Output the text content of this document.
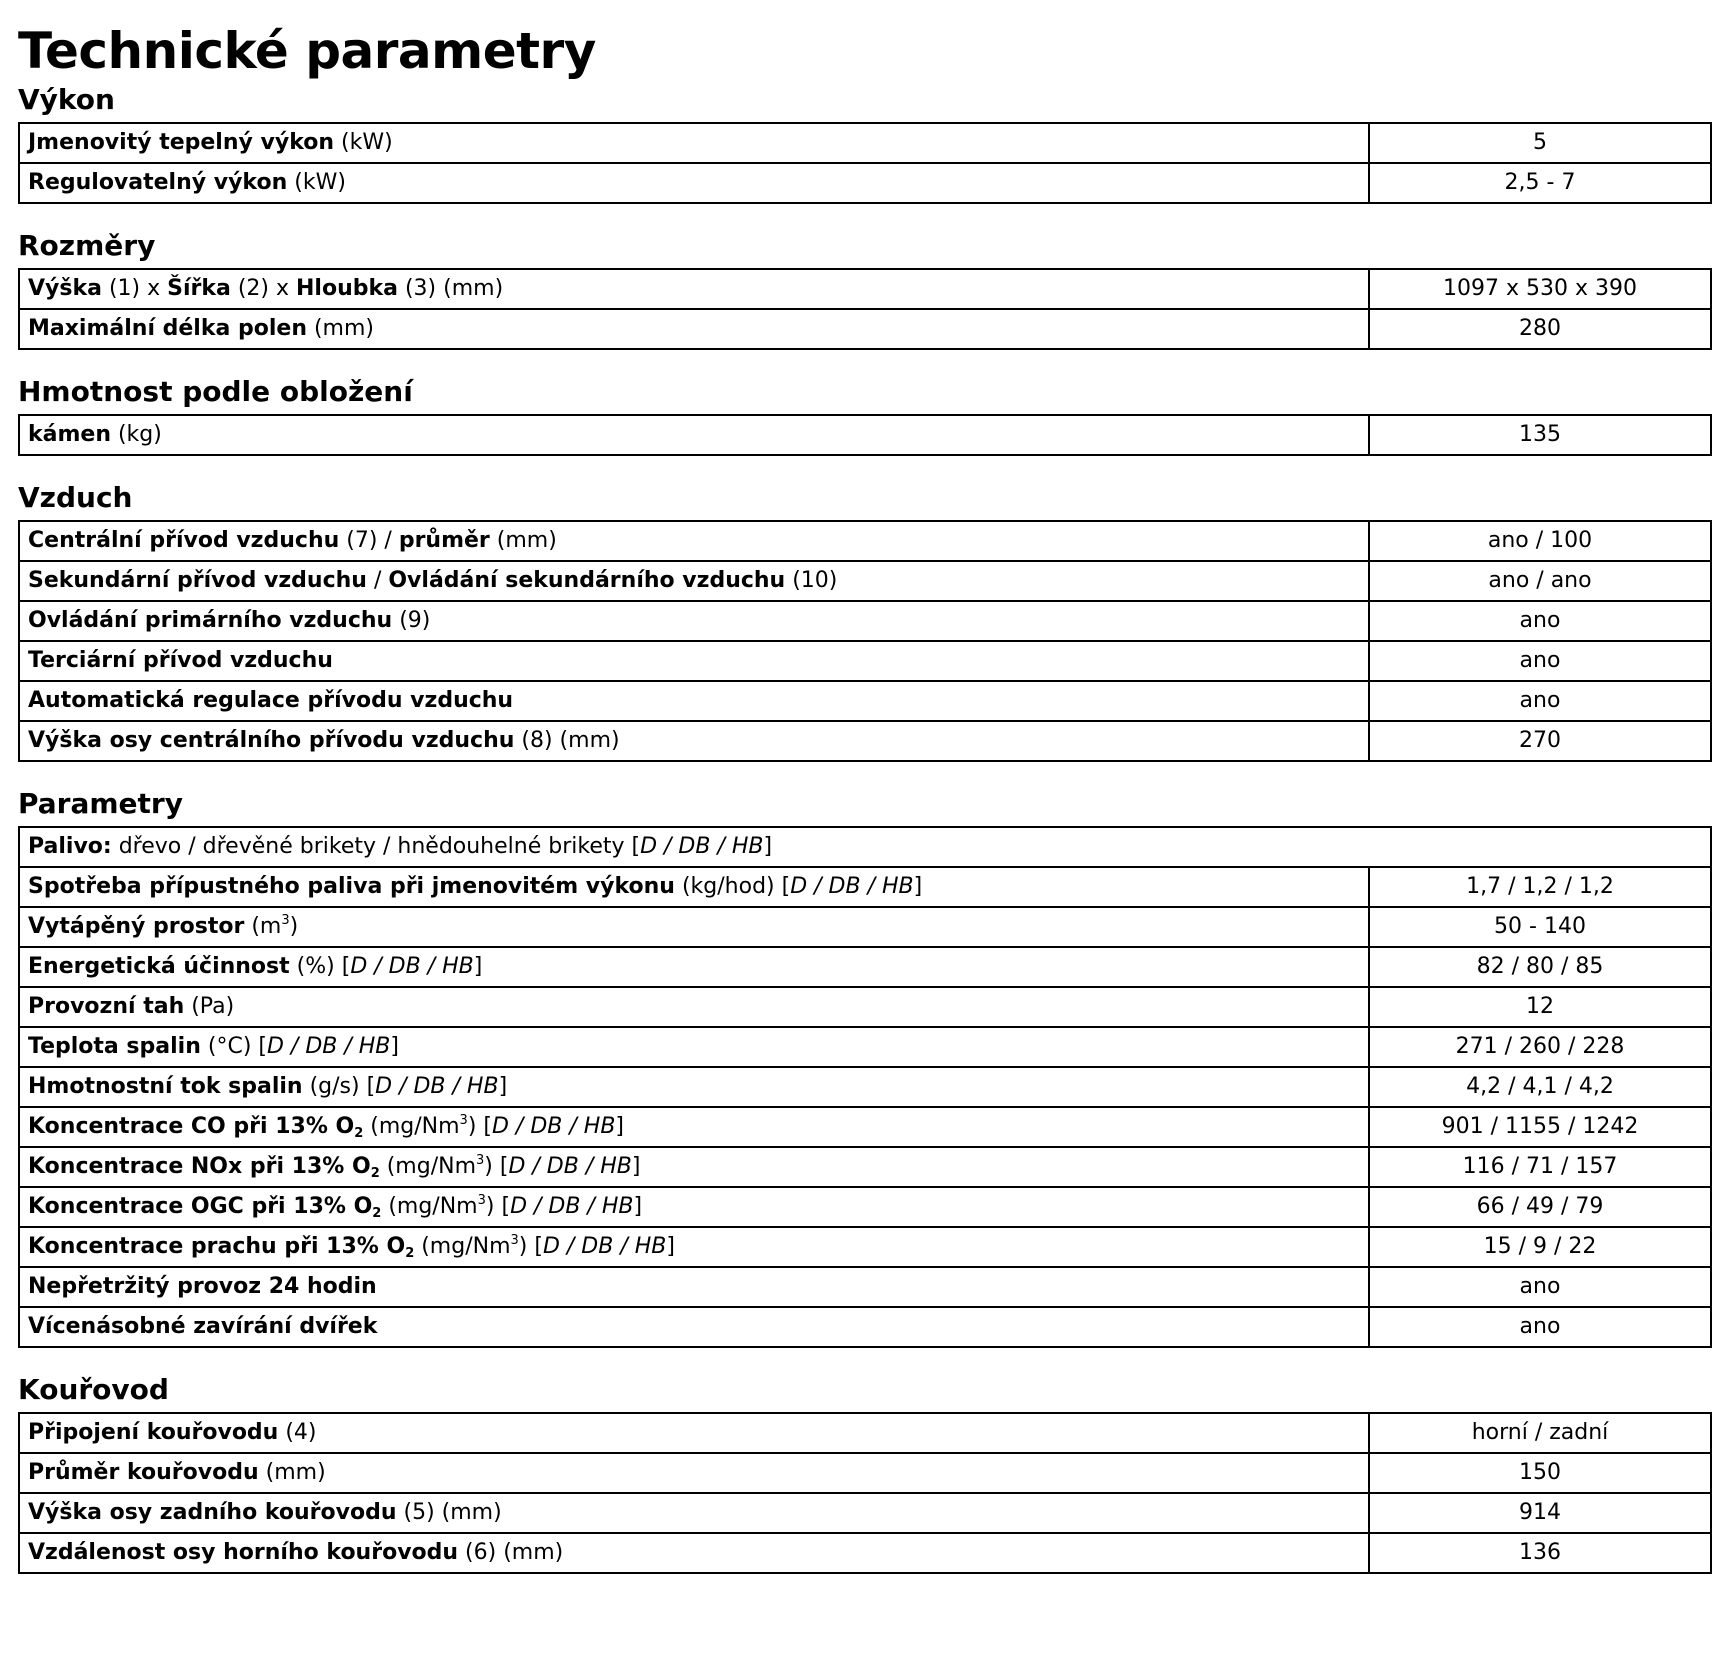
Technické parametry
Výkon
Jmenovitý tepelný výkon (kW)	5
Regulovatelný výkon (kW)	2,5 - 7
Rozměry
Výška (1) x Šířka (2) x Hloubka (3) (mm)	1097 x 530 x 390
Maximální délka polen (mm)	280
Hmotnost podle obložení
kámen (kg)	135
Vzduch
Centrální přívod vzduchu (7) / průměr (mm)	ano / 100
Sekundární přívod vzduchu / Ovládání sekundárního vzduchu (10)	ano / ano
Ovládání primárního vzduchu (9)	ano
Terciární přívod vzduchu	ano
Automatická regulace přívodu vzduchu	ano
Výška osy centrálního přívodu vzduchu (8) (mm)	270
Parametry
Palivo: dřevo / dřevěné brikety / hnědouhelné brikety [D / DB / HB]	
Spotřeba přípustného paliva při jmenovitém výkonu (kg/hod) [D / DB / HB]	1,7 / 1,2 / 1,2
Vytápěný prostor $(m^3)$	50 - 140
Energetická účinnost (%) [D / DB / HB]	82 / 80 / 85
Provozní tah (Pa)	12
Teplota spalin (°C) [D / DB / HB]	271 / 260 / 228
Hmotnostní tok spalin (g/s) [D / DB / HB]	4,2 / 4,1 / 4,2
Koncentrace CO při 13% $O_2$ (mg/Nm$^3$) [D / DB / HB]	901 / 1155 / 1242
Koncentrace NOx při 13% $O_2$ (mg/Nm$^3$) [D / DB / HB]	116 / 71 / 157
Koncentrace OGC při 13% $O_2$ (mg/Nm$^3$) [D / DB / HB]	66 / 49 / 79
Koncentrace prachu při 13% $O_2$ (mg/Nm$^3$) [D / DB / HB]	15 / 9 / 22
Nepřetržitý provoz 24 hodin	ano
Vícenásobné zavírání dvířek	ano
Kouřovod
Připojení kouřovodu (4)	horní / zadní
Průměr kouřovodu (mm)	150
Výška osy zadního kouřovodu (5) (mm)	914
Vzdálenost osy horního kouřovodu (6) (mm)	136
